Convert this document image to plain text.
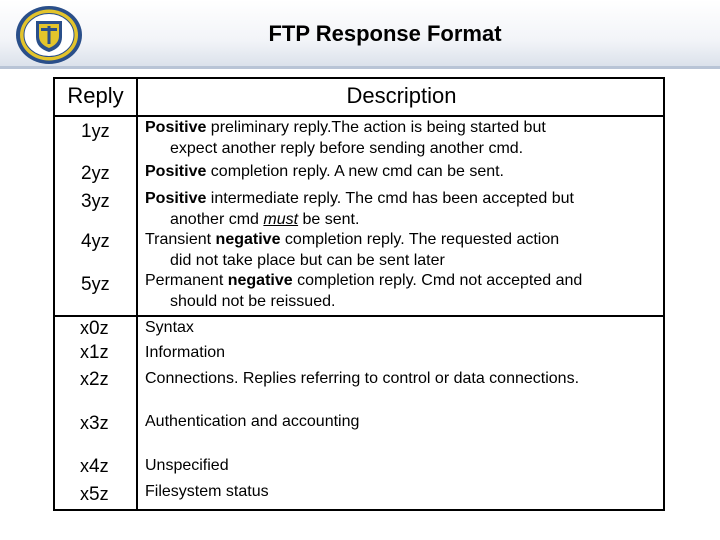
FTP Response Format
Reply	Description
1yz
2yz
3yz
4yz
5yz
x0z
x1z
x2z
x3z
x4z
x5z
Positive preliminary reply.The action is being started but
expect another reply before sending another cmd.
Positive completion reply. A new cmd can be sent.
Positive intermediate reply. The cmd has been accepted but
another cmd must be sent.
Transient negative completion reply. The requested action
did not take place but can be sent later
Permanent negative completion reply. Cmd not accepted and
should not be reissued.
Syntax
Information
Connections. Replies referring to control or data connections.
Authentication and accounting
Unspecified
Filesystem status
